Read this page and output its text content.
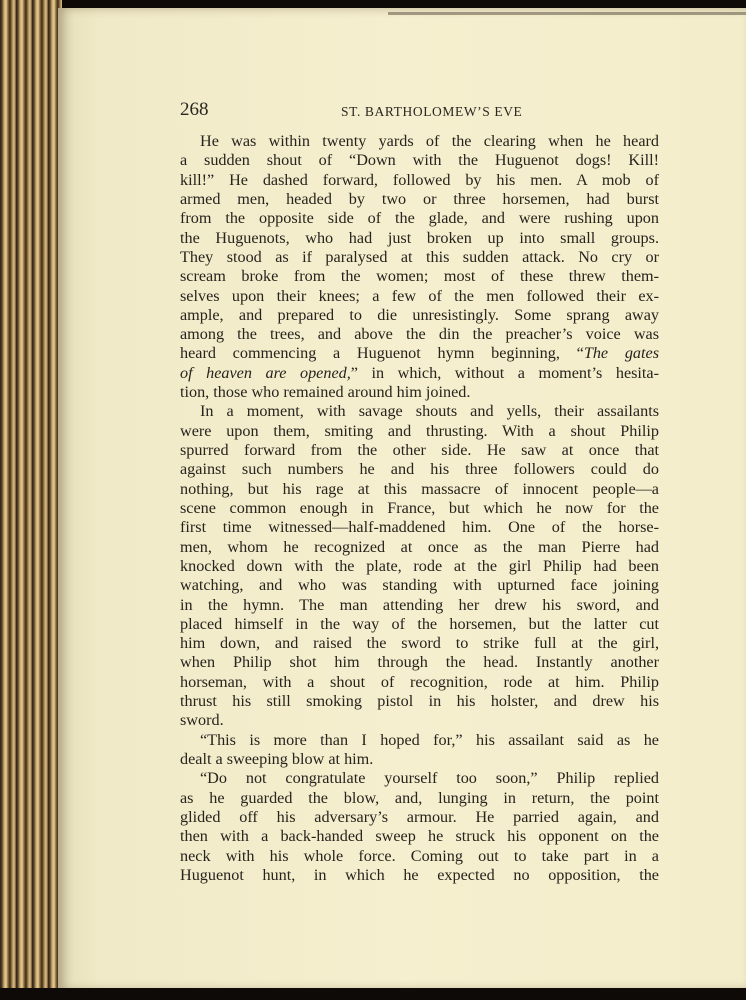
268	ST. BARTHOLOMEW’S EVE
He was within twenty yards of the clearing when he heard
a sudden shout of “Down with the Huguenot dogs! Kill!
kill!” He dashed forward, followed by his men. A mob of
armed men, headed by two or three horsemen, had burst
from the opposite side of the glade, and were rushing upon
the Huguenots, who had just broken up into small groups.
They stood as if paralysed at this sudden attack. No cry or
scream broke from the women; most of these threw them-
selves upon their knees; a few of the men followed their ex-
ample, and prepared to die unresistingly. Some sprang away
among the trees, and above the din the preacher’s voice was
heard commencing a Huguenot hymn beginning, “The gates
of heaven are opened,” in which, without a moment’s hesita-
tion, those who remained around him joined.
In a moment, with savage shouts and yells, their assailants
were upon them, smiting and thrusting. With a shout Philip
spurred forward from the other side. He saw at once that
against such numbers he and his three followers could do
nothing, but his rage at this massacre of innocent people—a
scene common enough in France, but which he now for the
first time witnessed—half-maddened him. One of the horse-
men, whom he recognized at once as the man Pierre had
knocked down with the plate, rode at the girl Philip had been
watching, and who was standing with upturned face joining
in the hymn. The man attending her drew his sword, and
placed himself in the way of the horsemen, but the latter cut
him down, and raised the sword to strike full at the girl,
when Philip shot him through the head. Instantly another
horseman, with a shout of recognition, rode at him. Philip
thrust his still smoking pistol in his holster, and drew his
sword.
“This is more than I hoped for,” his assailant said as he
dealt a sweeping blow at him.
“Do not congratulate yourself too soon,” Philip replied
as he guarded the blow, and, lunging in return, the point
glided off his adversary’s armour. He parried again, and
then with a back-handed sweep he struck his opponent on the
neck with his whole force. Coming out to take part in a
Huguenot hunt, in which he expected no opposition, the
